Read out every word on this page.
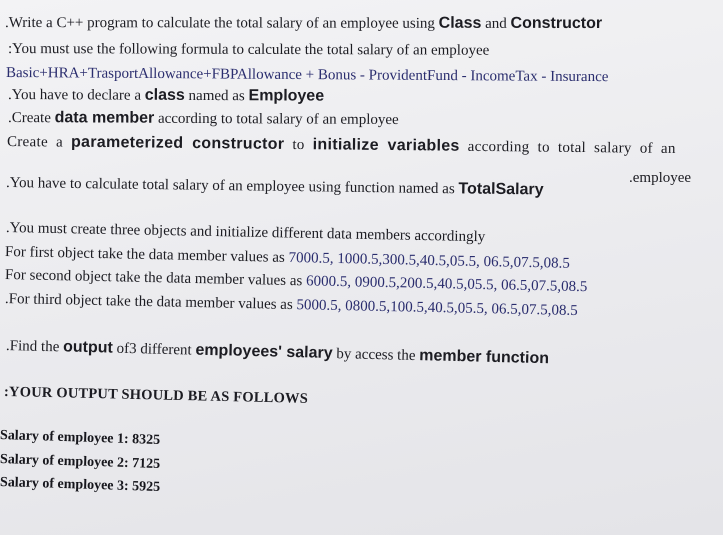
.Write a C++ program to calculate the total salary of an employee using Class and Constructor
:You must use the following formula to calculate the total salary of an employee
Basic+HRA+TrasportAllowance+FBPAllowance + Bonus - ProvidentFund - IncomeTax - Insurance
.You have to declare a class named as Employee
.Create data member according to total salary of an employee
Create a parameterized constructor to initialize variables according to total salary of an
.employee
.You have to calculate total salary of an employee using function named as TotalSalary
.You must create three objects and initialize different data members accordingly
For first object take the data member values as 7000.5, 1000.5,300.5,40.5,05.5, 06.5,07.5,08.5
For second object take the data member values as 6000.5, 0900.5,200.5,40.5,05.5, 06.5,07.5,08.5
.For third object take the data member values as 5000.5, 0800.5,100.5,40.5,05.5, 06.5,07.5,08.5
.Find the output of3 different employees' salary by access the member function
:YOUR OUTPUT SHOULD BE AS FOLLOWS
Salary of employee 1: 8325
Salary of employee 2: 7125
Salary of employee 3: 5925
